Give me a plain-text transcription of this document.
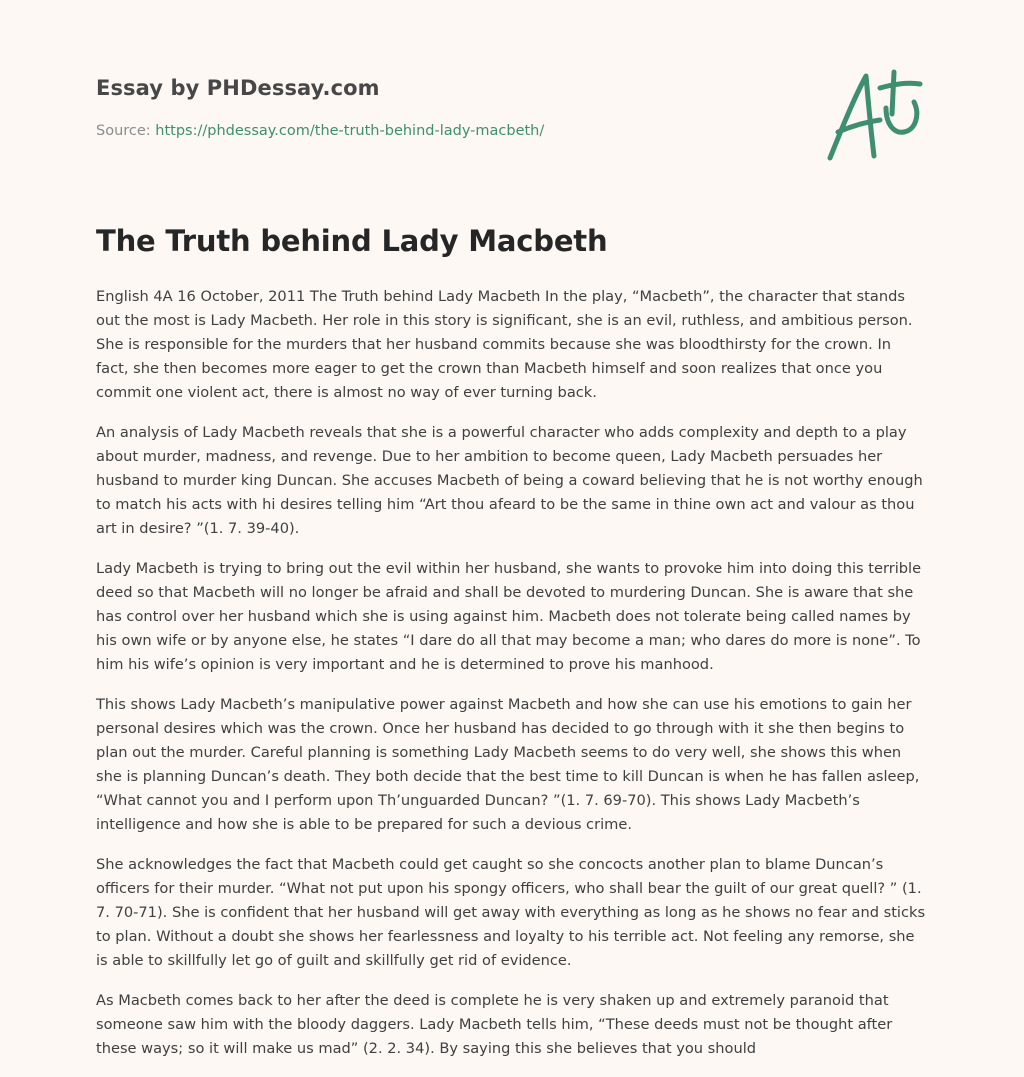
Essay by PHDessay.com
Source: https://phdessay.com/the-truth-behind-lady-macbeth/
The Truth behind Lady Macbeth

English 4A 16 October, 2011 The Truth behind Lady Macbeth In the play, “Macbeth”, the character that stands out the most is Lady Macbeth. Her role in this story is significant, she is an evil, ruthless, and ambitious person. She is responsible for the murders that her husband commits because she was bloodthirsty for the crown. In fact, she then becomes more eager to get the crown than Macbeth himself and soon realizes that once you commit one violent act, there is almost no way of ever turning back.

An analysis of Lady Macbeth reveals that she is a powerful character who adds complexity and depth to a play about murder, madness, and revenge. Due to her ambition to become queen, Lady Macbeth persuades her husband to murder king Duncan. She accuses Macbeth of being a coward believing that he is not worthy enough to match his acts with hi desires telling him “Art thou afeard to be the same in thine own act and valour as thou art in desire? ”(1. 7. 39-40).

Lady Macbeth is trying to bring out the evil within her husband, she wants to provoke him into doing this terrible deed so that Macbeth will no longer be afraid and shall be devoted to murdering Duncan. She is aware that she has control over her husband which she is using against him. Macbeth does not tolerate being called names by his own wife or by anyone else, he states “I dare do all that may become a man; who dares do more is none”. To him his wife’s opinion is very important and he is determined to prove his manhood.

This shows Lady Macbeth’s manipulative power against Macbeth and how she can use his emotions to gain her personal desires which was the crown. Once her husband has decided to go through with it she then begins to plan out the murder. Careful planning is something Lady Macbeth seems to do very well, she shows this when she is planning Duncan’s death. They both decide that the best time to kill Duncan is when he has fallen asleep, “What cannot you and I perform upon Th’unguarded Duncan? ”(1. 7. 69-70). This shows Lady Macbeth’s intelligence and how she is able to be prepared for such a devious crime.

She acknowledges the fact that Macbeth could get caught so she concocts another plan to blame Duncan’s officers for their murder. “What not put upon his spongy officers, who shall bear the guilt of our great quell? ” (1. 7. 70-71). She is confident that her husband will get away with everything as long as he shows no fear and sticks to plan. Without a doubt she shows her fearlessness and loyalty to his terrible act. Not feeling any remorse, she is able to skillfully let go of guilt and skillfully get rid of evidence.

As Macbeth comes back to her after the deed is complete he is very shaken up and extremely paranoid that someone saw him with the bloody daggers. Lady Macbeth tells him, “These deeds must not be thought after these ways; so it will make us mad” (2. 2. 34). By saying this she believes that you should
